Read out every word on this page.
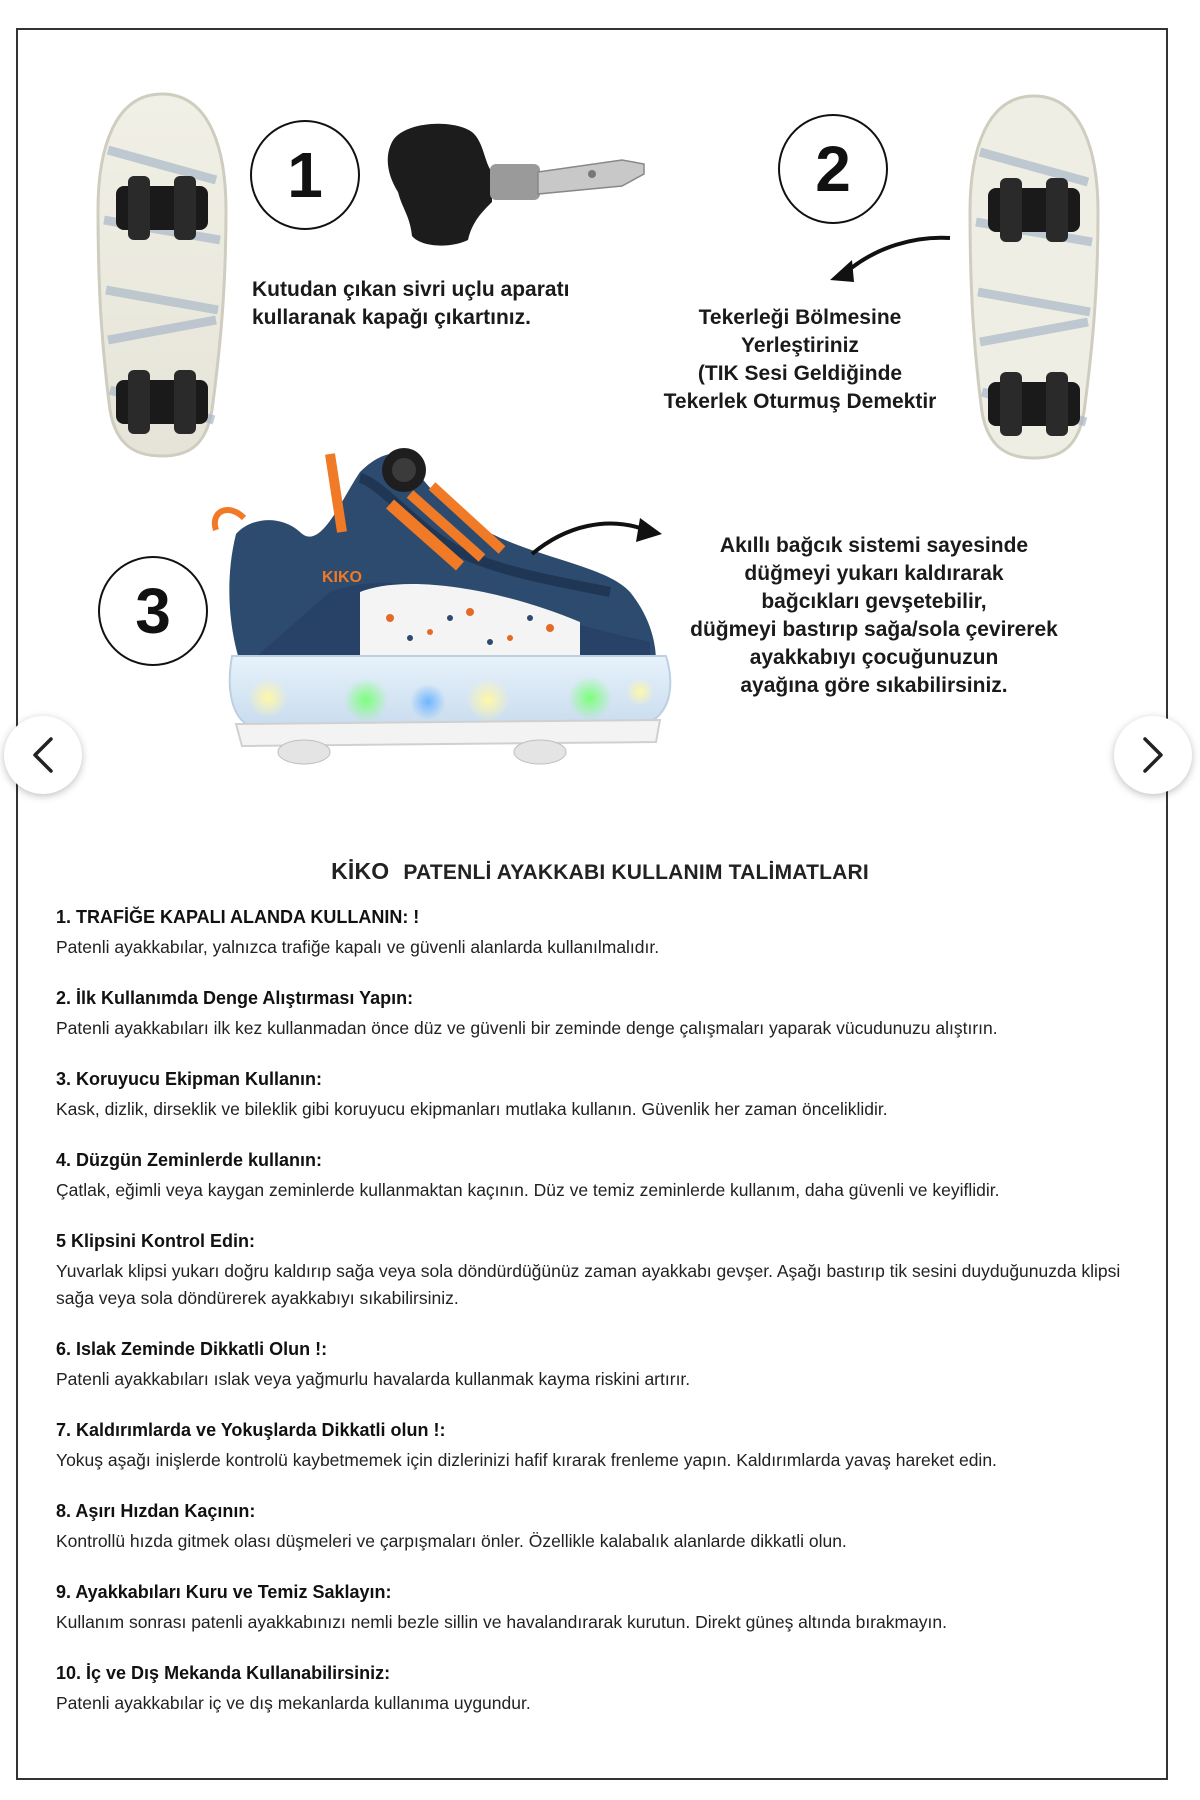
1
Kutudan çıkan sivri uçlu aparatı
kullaranak kapağı çıkartınız.
2
Tekerleği Bölmesine
Yerleştiriniz
(TIK Sesi Geldiğinde
Tekerlek Oturmuş Demektir
3	KIKO
Akıllı bağcık sistemi sayesinde
düğmeyi yukarı kaldırarak
bağcıkları gevşetebilir,
düğmeyi bastırıp sağa/sola çevirerek
ayakkabıyı çocuğunuzun
ayağına göre sıkabilirsiniz.
KİKO PATENLİ AYAKKABI KULLANIM TALİMATLARI
1. TRAFİĞE KAPALI ALANDA KULLANIN: !

Patenli ayakkabılar, yalnızca trafiğe kapalı ve güvenli alanlarda kullanılmalıdır.

2. İlk Kullanımda Denge Alıştırması Yapın:

Patenli ayakkabıları ilk kez kullanmadan önce düz ve güvenli bir zeminde denge çalışmaları yaparak vücudunuzu alıştırın.

3. Koruyucu Ekipman Kullanın:

Kask, dizlik, dirseklik ve bileklik gibi koruyucu ekipmanları mutlaka kullanın. Güvenlik her zaman önceliklidir.

4. Düzgün Zeminlerde kullanın:

Çatlak, eğimli veya kaygan zeminlerde kullanmaktan kaçının. Düz ve temiz zeminlerde kullanım, daha güvenli ve keyiflidir.

5 Klipsini Kontrol Edin:

Yuvarlak klipsi yukarı doğru kaldırıp sağa veya sola döndürdüğünüz zaman ayakkabı gevşer. Aşağı bastırıp tik sesini duyduğunuzda klipsi sağa veya sola döndürerek ayakkabıyı sıkabilirsiniz.

6. Islak Zeminde Dikkatli Olun !:

Patenli ayakkabıları ıslak veya yağmurlu havalarda kullanmak kayma riskini artırır.

7. Kaldırımlarda ve Yokuşlarda Dikkatli olun !:

Yokuş aşağı inişlerde kontrolü kaybetmemek için dizlerinizi hafif kırarak frenleme yapın. Kaldırımlarda yavaş hareket edin.

8. Aşırı Hızdan Kaçının:

Kontrollü hızda gitmek olası düşmeleri ve çarpışmaları önler. Özellikle kalabalık alanlarde dikkatli olun.

9. Ayakkabıları Kuru ve Temiz Saklayın:

Kullanım sonrası patenli ayakkabınızı nemli bezle sillin ve havalandırarak kurutun. Direkt güneş altında bırakmayın.

10. İç ve Dış Mekanda Kullanabilirsiniz:

Patenli ayakkabılar iç ve dış mekanlarda kullanıma uygundur.
